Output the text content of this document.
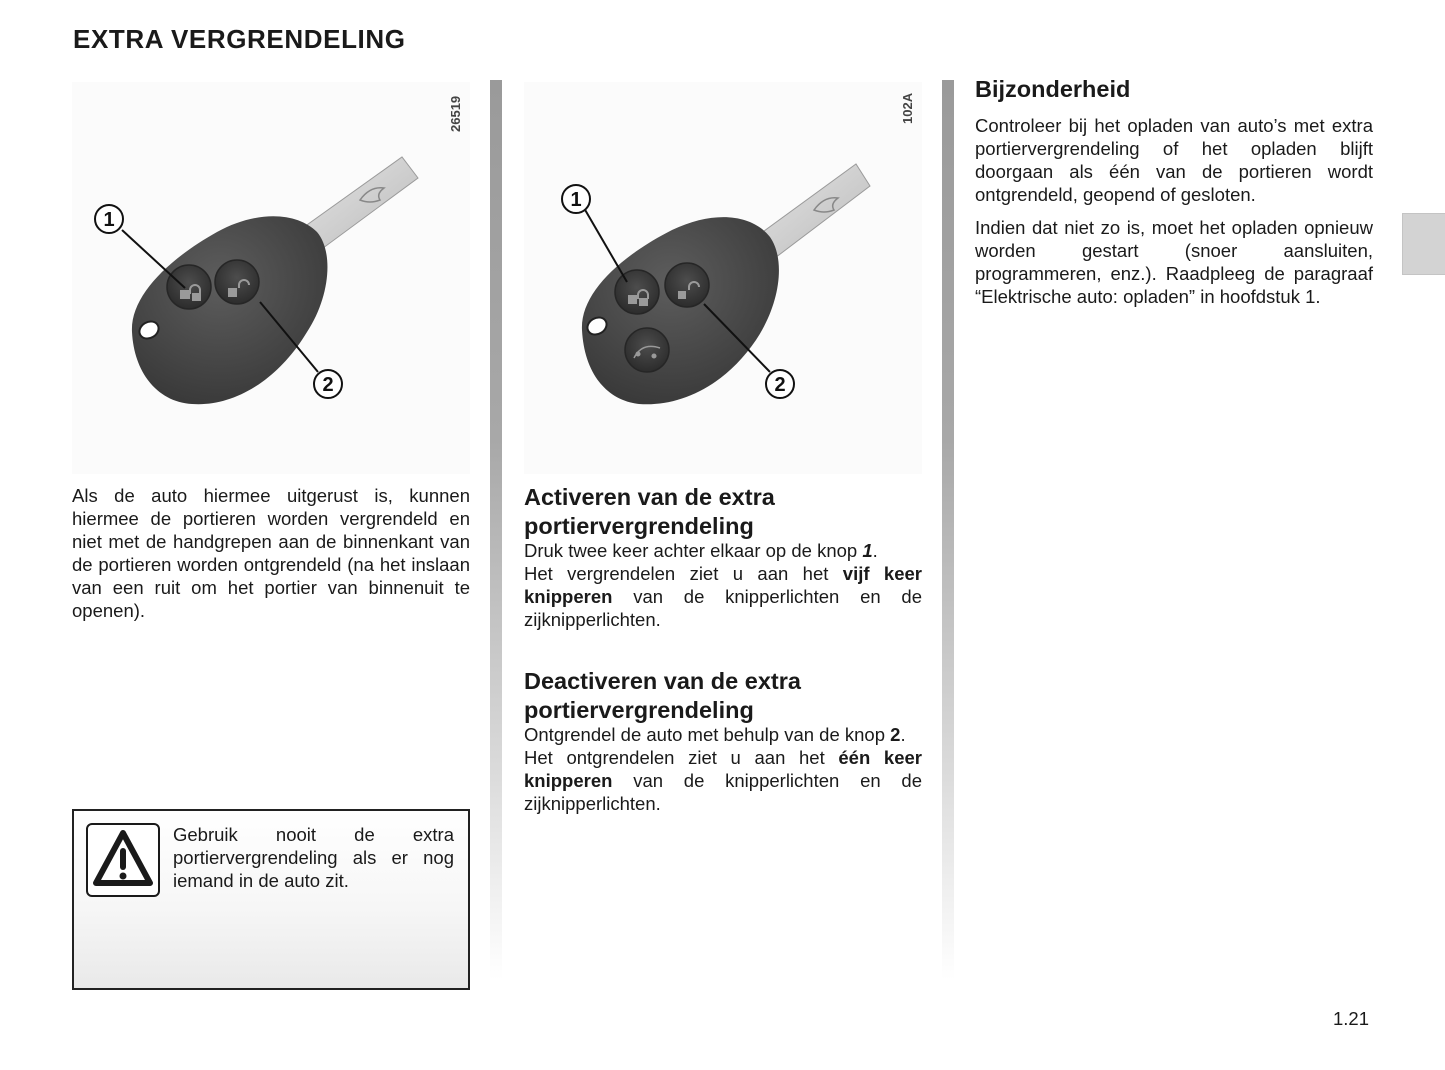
EXTRA VERGRENDELING
1
2
26519

Als de auto hiermee uitgerust is, kunnen hiermee de portieren worden vergrendeld en niet met de handgrepen aan de binnenkant van de portieren worden ontgrendeld (na het inslaan van een ruit om het portier van binnenuit te openen).

Gebruik nooit de extra portiervergrendeling als er nog iemand in de auto zit.

1
2
102A
Activeren van de extra portiervergrendeling
Druk twee keer achter elkaar op de knop 1.
Het vergrendelen ziet u aan het vijf keer knipperen van de knipperlichten en de zijknipperlichten.
Deactiveren van de extra portiervergrendeling
Ontgrendel de auto met behulp van de knop 2.
Het ontgrendelen ziet u aan het één keer knipperen van de knipperlichten en de zijknipperlichten.
Bijzonderheid

Controleer bij het opladen van auto’s met extra portiervergrendeling of het opladen blijft doorgaan als één van de portieren wordt ontgrendeld, geopend of gesloten.

Indien dat niet zo is, moet het opladen opnieuw worden gestart (snoer aansluiten, programmeren, enz.). Raadpleeg de paragraaf “Elektrische auto: opladen” in hoofdstuk 1.

1.21
